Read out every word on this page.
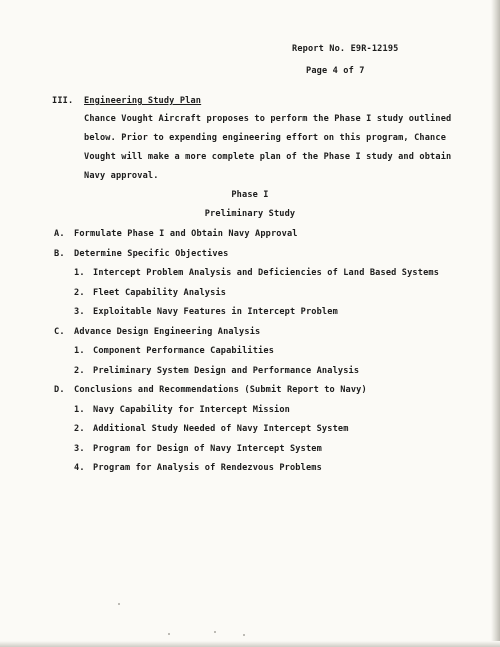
Report No. E9R-12195
Page 4 of 7
III. Engineering Study Plan
Chance Vought Aircraft proposes to perform the Phase I study outlined
below. Prior to expending engineering effort on this program, Chance
Vought will make a more complete plan of the Phase I study and obtain
Navy approval.
Phase I
Preliminary Study
A. Formulate Phase I and Obtain Navy Approval
B. Determine Specific Objectives
1. Intercept Problem Analysis and Deficiencies of Land Based Systems
2. Fleet Capability Analysis
3. Exploitable Navy Features in Intercept Problem
C. Advance Design Engineering Analysis
1. Component Performance Capabilities
2. Preliminary System Design and Performance Analysis
D. Conclusions and Recommendations (Submit Report to Navy)
1. Navy Capability for Intercept Mission
2. Additional Study Needed of Navy Intercept System
3. Program for Design of Navy Intercept System
4. Program for Analysis of Rendezvous Problems
